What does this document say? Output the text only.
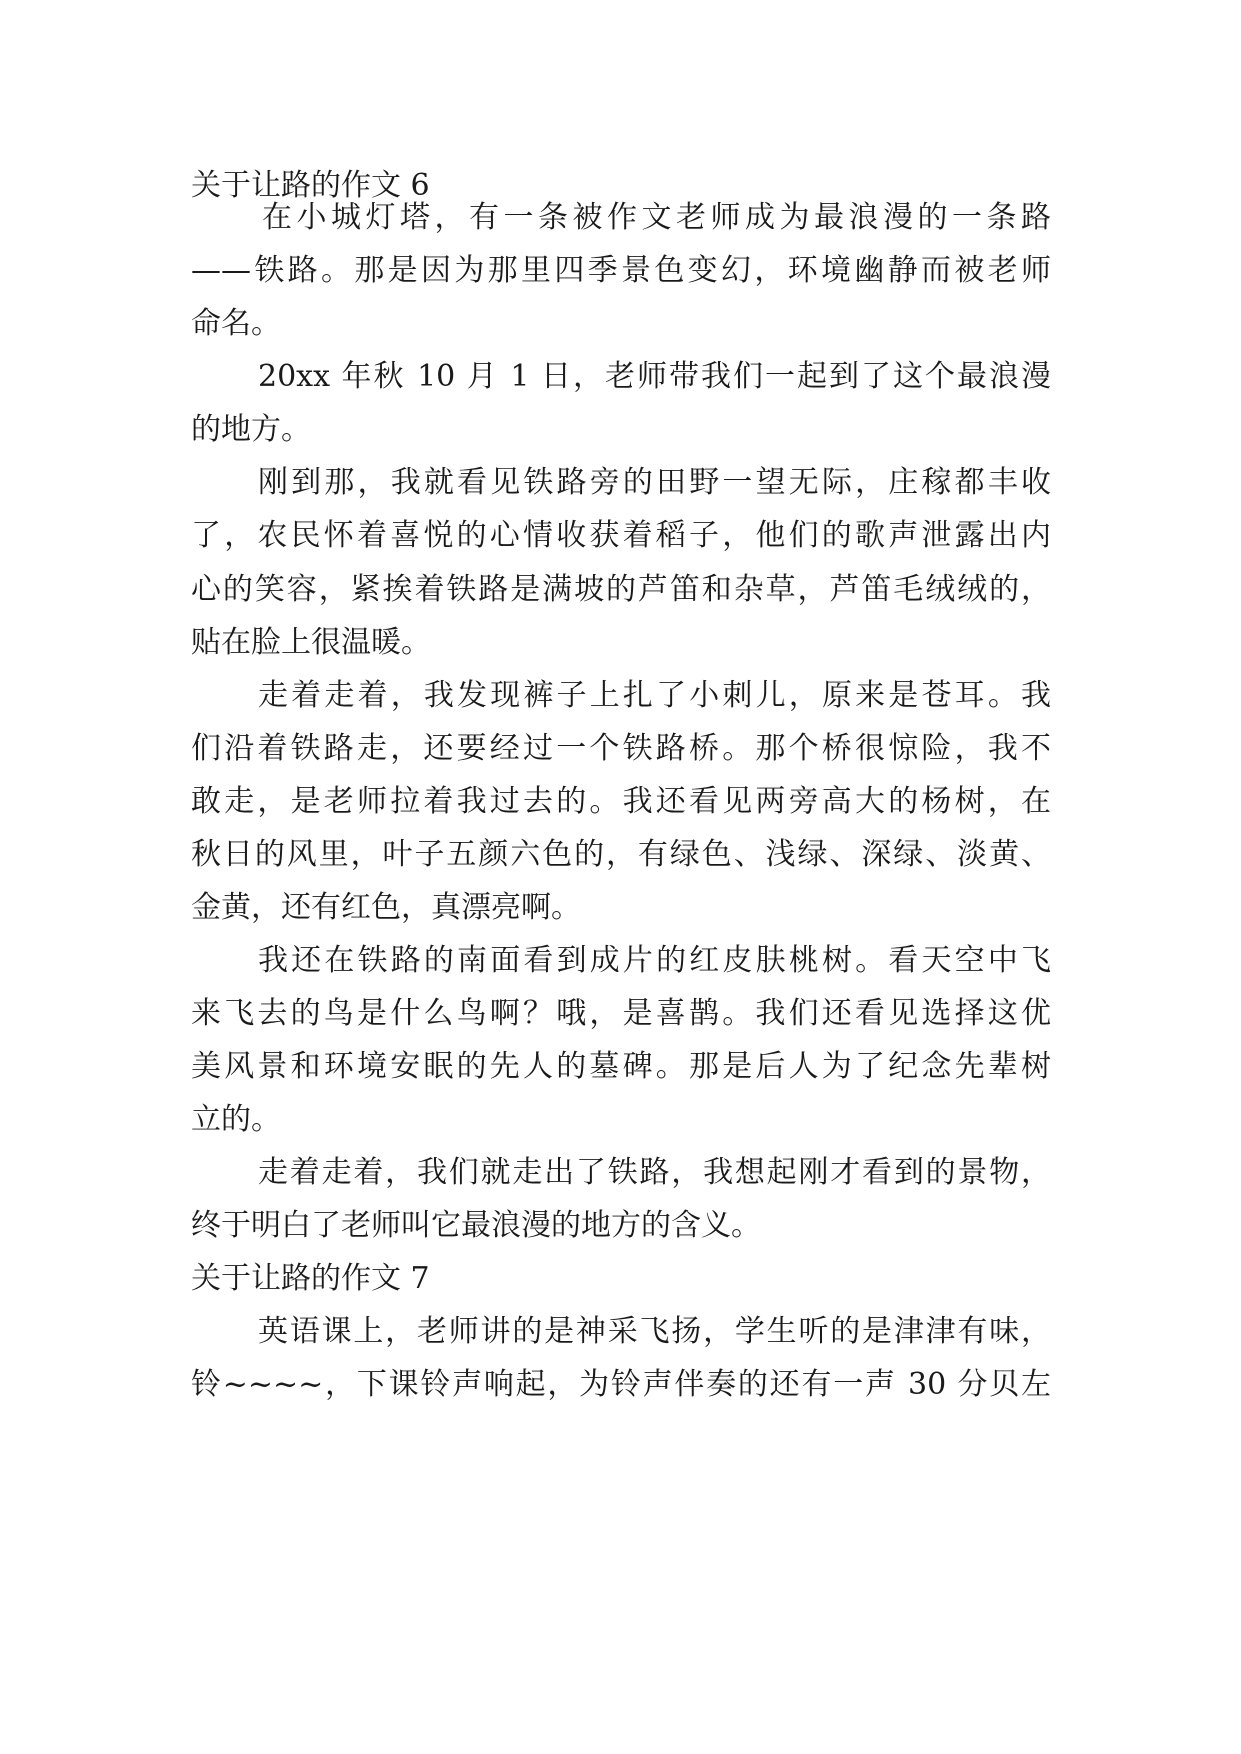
关于让路的作文 6
在小城灯塔，有一条被作文老师成为最浪漫的一条路
——铁路。那是因为那里四季景色变幻，环境幽静而被老师
命名。
20xx 年秋 10 月 1 日，老师带我们一起到了这个最浪漫
的地方。
刚到那，我就看见铁路旁的田野一望无际，庄稼都丰收
了，农民怀着喜悦的心情收获着稻子，他们的歌声泄露出内
心的笑容，紧挨着铁路是满坡的芦笛和杂草，芦笛毛绒绒的，
贴在脸上很温暖。
走着走着，我发现裤子上扎了小刺儿，原来是苍耳。我
们沿着铁路走，还要经过一个铁路桥。那个桥很惊险，我不
敢走，是老师拉着我过去的。我还看见两旁高大的杨树，在
秋日的风里，叶子五颜六色的，有绿色、浅绿、深绿、淡黄、
金黄，还有红色，真漂亮啊。
我还在铁路的南面看到成片的红皮肤桃树。看天空中飞
来飞去的鸟是什么鸟啊？哦，是喜鹊。我们还看见选择这优
美风景和环境安眠的先人的墓碑。那是后人为了纪念先辈树
立的。
走着走着，我们就走出了铁路，我想起刚才看到的景物，
终于明白了老师叫它最浪漫的地方的含义。
关于让路的作文 7
英语课上，老师讲的是神采飞扬，学生听的是津津有味，
铃~~~~，下课铃声响起，为铃声伴奏的还有一声 30 分贝左
